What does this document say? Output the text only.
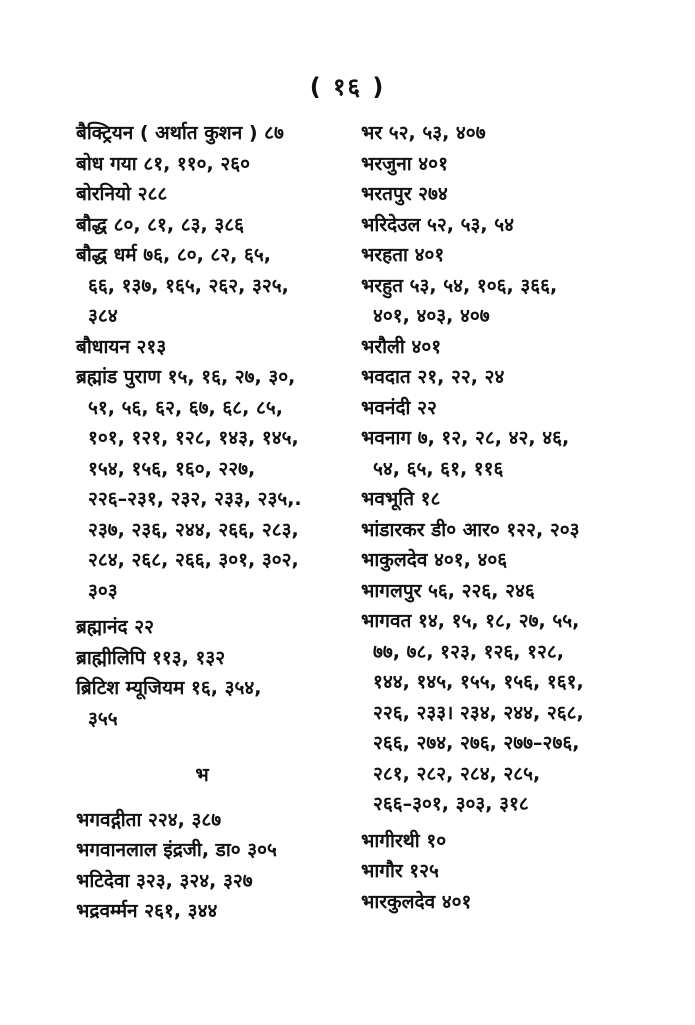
( १६ )
बैक्ट्रियन ( अर्थात कुशन ) ८७
बोध गया ८१, ११०, २६०
बोरनियो २८८
बौद्ध ८०, ८१, ८३, ३८६
बौद्ध धर्म ७६, ८०, ८२, ६५,
६६, १३७, १६५, २६२, ३२५,
३८४
बौधायन २१३
ब्रह्मांड पुराण १५, १६, २७, ३०,
५१, ५६, ६२, ६७, ६८, ८५,
१०१, १२१, १२८, १४३, १४५,
१५४, १५६, १६०, २२७,
२२६–२३१, २३२, २३३, २३५,.
२३७, २३६, २४४, २६६, २८३,
२८४, २६८, २६६, ३०१, ३०२,
३०३
ब्रह्मानंद २२
ब्राह्मीलिपि ११३, १३२
ब्रिटिश म्यूजियम १६, ३५४,
३५५
भ
भगवद्गीता २२४, ३८७
भगवानलाल इंद्रजी, डा० ३०५
भटिदेवा ३२३, ३२४, ३२७
भद्रवर्म्मन २६१, ३४४
भर ५२, ५३, ४०७
भरजुना ४०१
भरतपुर २७४
भरिदेउल ५२, ५३, ५४
भरहता ४०१
भरहुत ५३, ५४, १०६, ३६६,
४०१, ४०३, ४०७
भरौली ४०१
भवदात २१, २२, २४
भवनंदी २२
भवनाग ७, १२, २८, ४२, ४६,
५४, ६५, ६१, ११६
भवभूति १८
भांडारकर डी० आर० १२२, २०३
भाकुलदेव ४०१, ४०६
भागलपुर ५६, २२६, २४६
भागवत १४, १५, १८, २७, ५५,
७७, ७८, १२३, १२६, १२८,
१४४, १४५, १५५, १५६, १६१,
२२६, २३३। २३४, २४४, २६८,
२६६, २७४, २७६, २७७–२७६,
२८१, २८२, २८४, २८५,
२६६–३०१, ३०३, ३१८
भागीरथी १०
भागौर १२५
भारकुलदेव ४०१
